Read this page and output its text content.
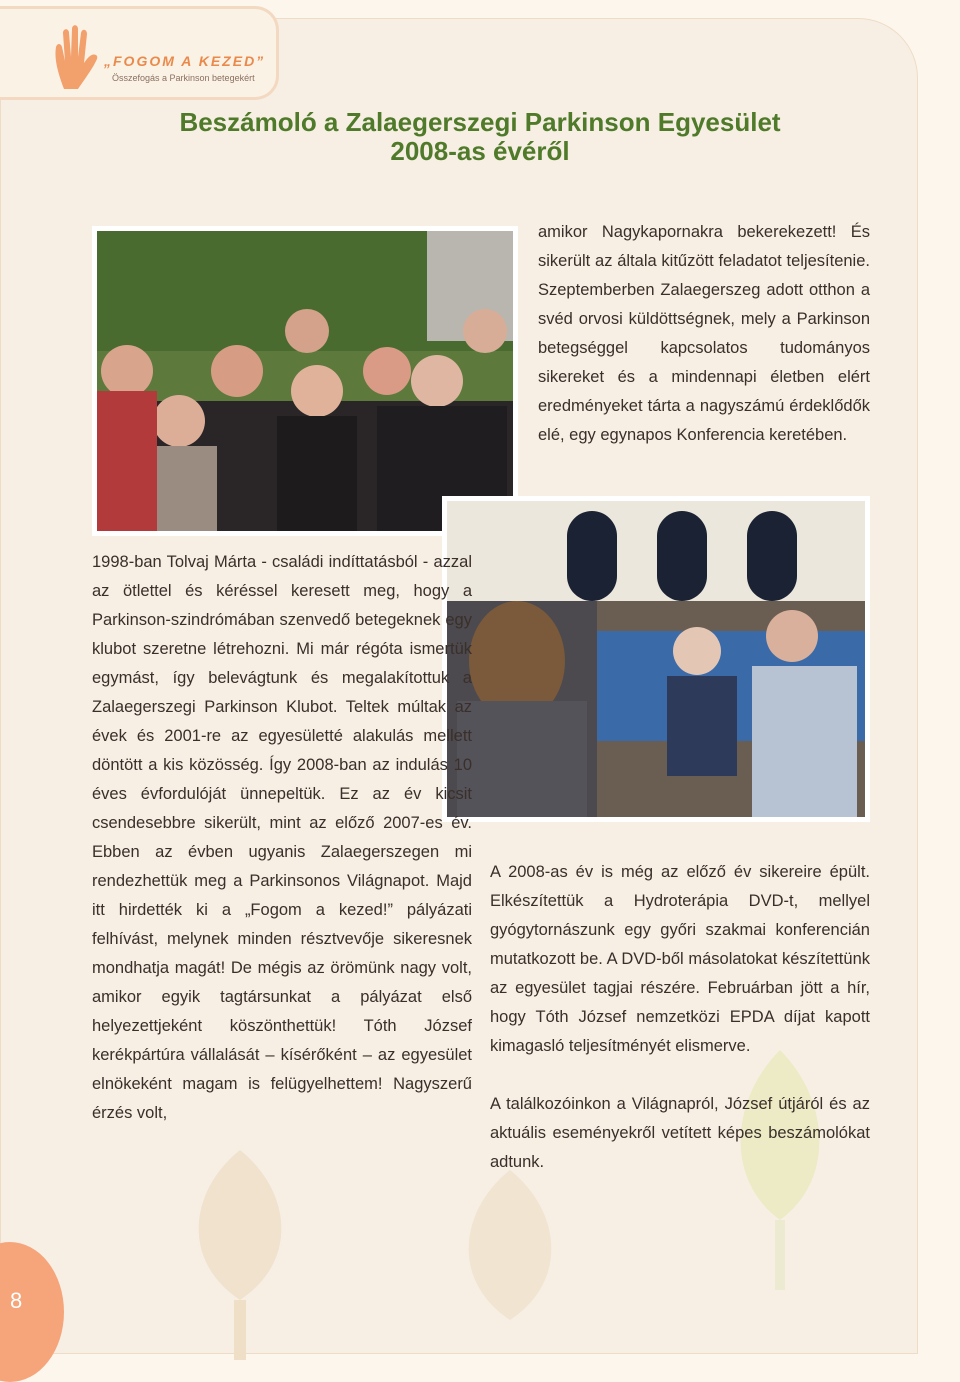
„FOGOM A KEZED”
Összefogás a Parkinson betegekért
Beszámoló a Zalaegerszegi Parkinson Egyesület
2008-as évéről

amikor Nagykapornakra bekerekezett! És sikerült az általa kitűzött feladatot teljesítenie. Szeptemberben Zalaegerszeg adott otthon a svéd orvosi küldöttségnek, mely a Parkinson betegséggel kapcsolatos tudományos sikereket és a mindennapi életben elért eredményeket tárta a nagyszámú érdeklődők elé, egy egynapos Konferencia keretében.

1998-ban Tolvaj Márta - családi indíttatásból - azzal az ötlettel és kéréssel keresett meg, hogy a Parkinson-szindrómában szenvedő betegeknek egy klubot szeretne létrehozni. Mi már régóta ismertük egymást, így belevágtunk és megalakítottuk a Zalaegerszegi Parkinson Klubot. Teltek múltak az évek és 2001-re az egyesületté alakulás mellett döntött a kis közösség. Így 2008-ban az indulás 10 éves évfordulóját ünnepeltük. Ez az év kicsit csendesebbre sikerült, mint az előző 2007-es év. Ebben az évben ugyanis Zalaegerszegen mi rendezhettük meg a Parkinsonos Világnapot. Majd itt hirdették ki a „Fogom a kezed!” pályázati felhívást, melynek minden résztvevője sikeresnek mondhatja magát! De mégis az örömünk nagy volt, amikor egyik tagtársunkat a pályázat első helyezettjeként köszönthettük! Tóth József kerékpártúra vállalását – kísérőként – az egyesület elnökeként magam is felügyelhettem! Nagyszerű érzés volt,

A 2008-as év is még az előző év sikereire épült. Elkészítettük a Hydroterápia DVD-t, mellyel gyógytornászunk egy győri szakmai konferencián mutatkozott be. A DVD-ből másolatokat készítettünk az egyesület tagjai részére. Februárban jött a hír, hogy Tóth József nemzetközi EPDA díjat kapott kimagasló teljesítményét elismerve.

A találkozóinkon a Világnapról, József útjáról és az aktuális eseményekről vetített képes beszámolókat adtunk.

8
